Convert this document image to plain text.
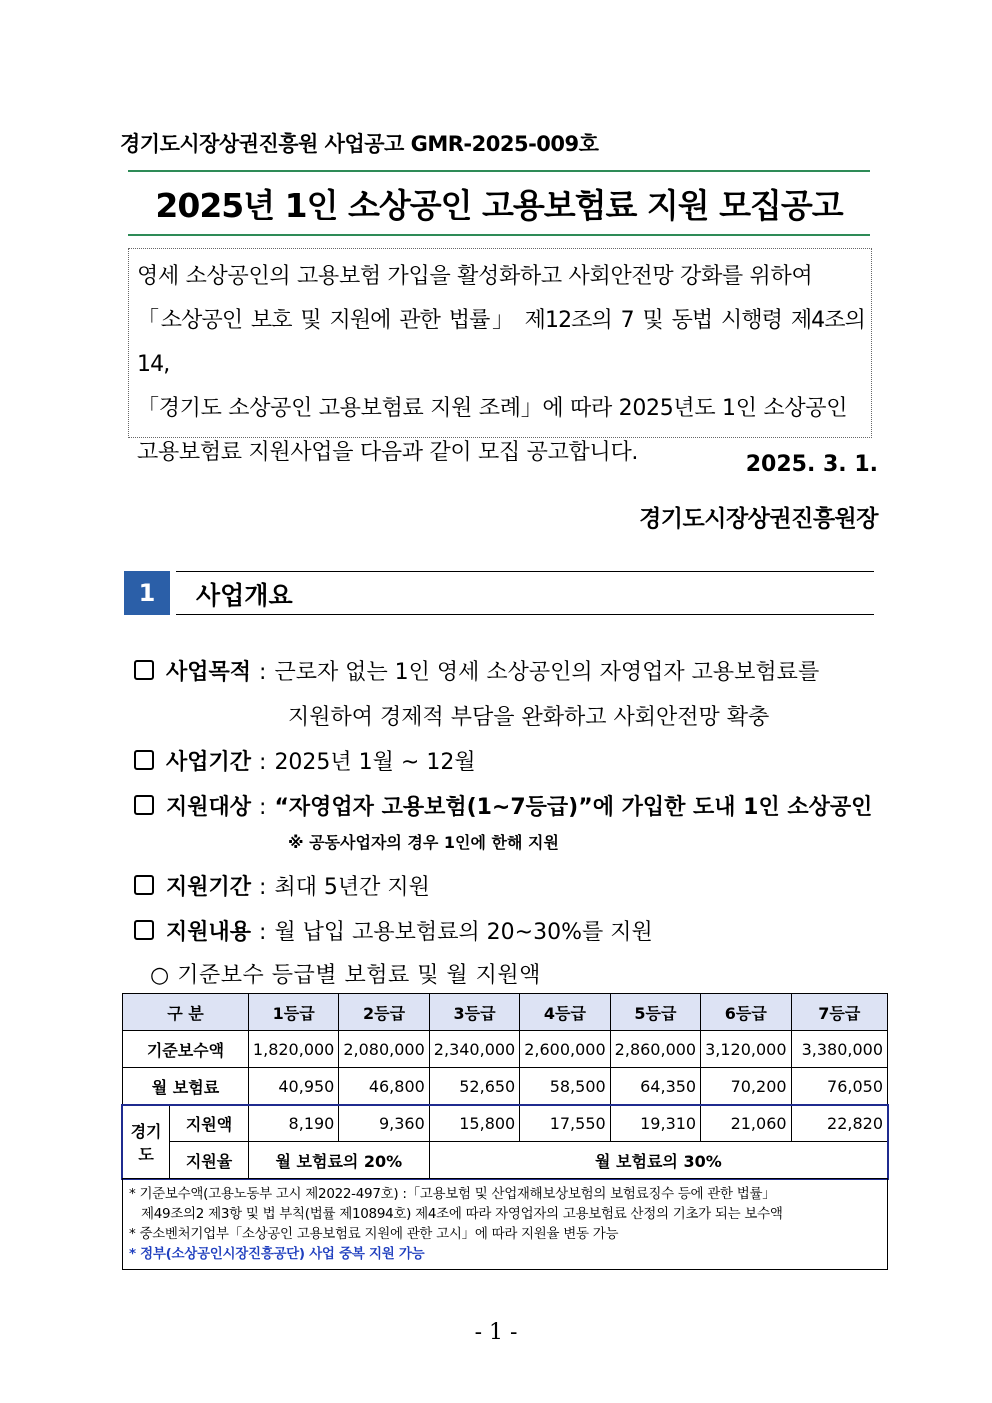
경기도시장상권진흥원 사업공고 GMR-2025-009호
2025년 1인 소상공인 고용보험료 지원 모집공고
영세 소상공인의 고용보험 가입을 활성화하고 사회안전망 강화를 위하여
「소상공인 보호 및 지원에 관한 법률」 제12조의 7 및 동법 시행령 제4조의 14,
「경기도 소상공인 고용보험료 지원 조례」에 따라 2025년도 1인 소상공인
고용보험료 지원사업을 다음과 같이 모집 공고합니다.	2025. 3. 1.
경기도시장상권진흥원장
1	사업개요
사업목적 : 근로자 없는 1인 영세 소상공인의 자영업자 고용보험료를
지원하여 경제적 부담을 완화하고 사회안전망 확충
사업기간 : 2025년 1월 ~ 12월
지원대상 : “자영업자 고용보험(1~7등급)”에 가입한 도내 1인 소상공인
※ 공동사업자의 경우 1인에 한해 지원
지원기간 : 최대 5년간 지원
지원내용 : 월 납입 고용보험료의 20~30%를 지원
○ 기준보수 등급별 보험료 및 월 지원액
구 분		1등급	2등급	3등급	4등급	5등급	6등급	7등급
기준보수액		1,820,000	2,080,000	2,340,000	2,600,000	2,860,000	3,120,000	3,380,000
월 보험료		40,950	46,800	52,650	58,500	64,350	70,200	76,050
경기도	지원액	8,190	9,360	15,800	17,550	19,310	21,060	22,820
	지원율	월 보험료의 20%		월 보험료의 30%				
* 기준보수액(고용노동부 고시 제2022-497호) :「고용보험 및 산업재해보상보험의 보험료징수 등에 관한 법률」
제49조의2 제3항 및 법 부칙(법률 제10894호) 제4조에 따라 자영업자의 고용보험료 산정의 기초가 되는 보수액
* 중소벤처기업부「소상공인 고용보험료 지원에 관한 고시」에 따라 지원율 변동 가능
* 정부(소상공인시장진흥공단) 사업 중복 지원 가능
- 1 -
